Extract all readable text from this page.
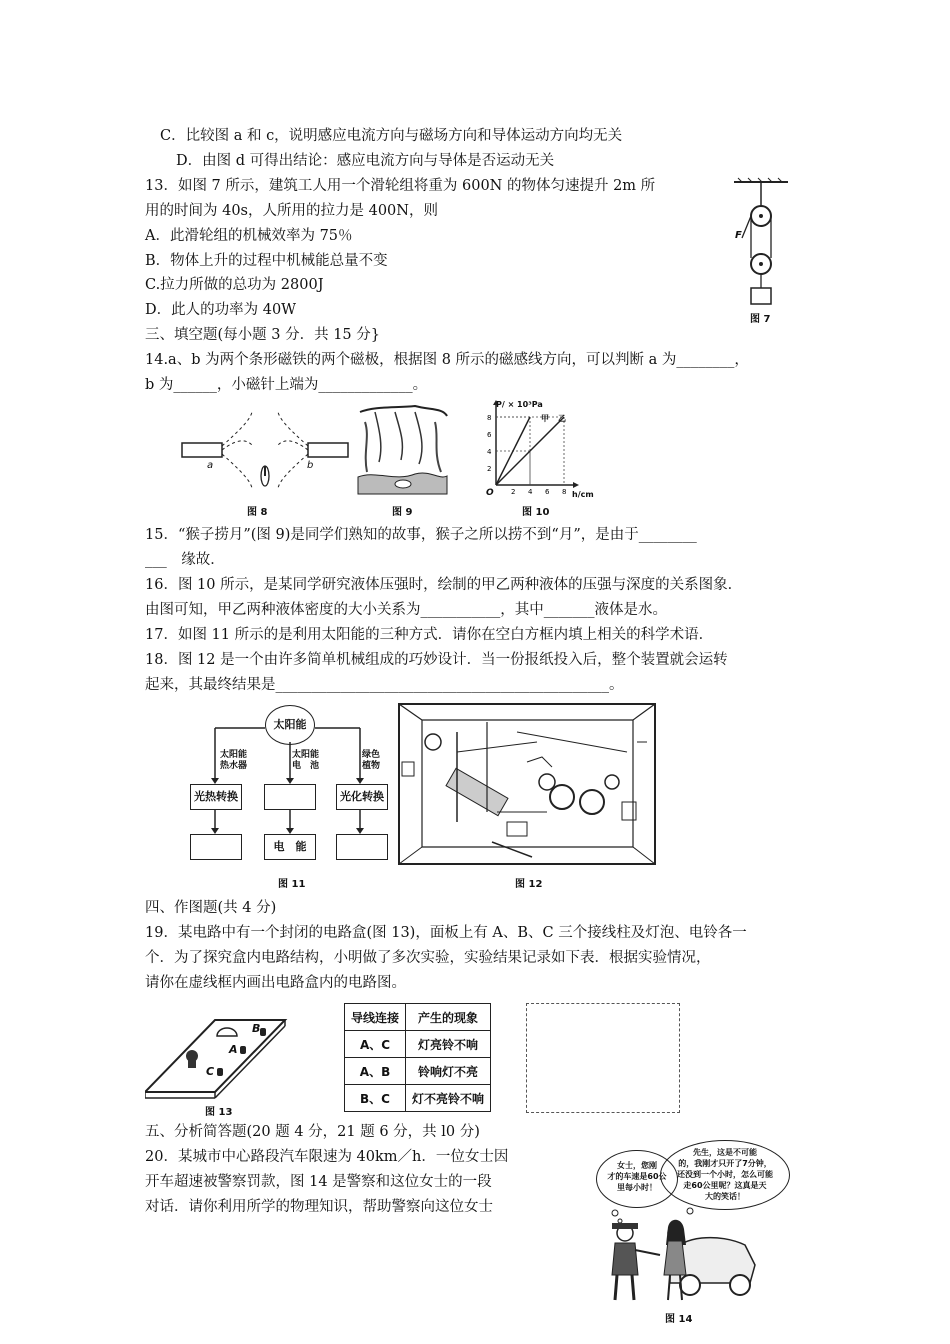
C．比较图 a 和 c，说明感应电流方向与磁场方向和导体运动方向均无关
D．由图 d 可得出结论：感应电流方向与导体是否运动无关
13．如图 7 所示，建筑工人用一个滑轮组将重为 600N 的物体匀速提升 2m 所
用的时间为 40s，人所用的拉力是 400N，则
A．此滑轮组的机械效率为 75％
B．物体上升的过程中机械能总量不变
C.拉力所做的总功为 2800J
D．此人的功率为 40W
F
图 7
三、填空题(每小题 3 分．共 15 分}
14.a、b 为两个条形磁铁的两个磁极，根据图 8 所示的磁感线方向，可以判断 a 为________，
b 为______，小磁针上端为_____________。
a	b
图 8	图 9
2 4 6 8
2
4
6
8
P/ × 10³Pa
h/cm
O
甲 乙
图 10
15．“猴子捞月”(图 9)是同学们熟知的故事，猴子之所以捞不到“月”，是由于________
___　缘故．
16．图 10 所示，是某同学研究液体压强时，绘制的甲乙两种液体的压强与深度的关系图象．
由图可知，甲乙两种液体密度的大小关系为___________，其中_______液体是水。
17．如图 11 所示的是利用太阳能的三种方式．请你在空白方框内填上相关的科学术语．
18．图 12 是一个由许多简单机械组成的巧妙设计．当一份报纸投入后，整个装置就会运转
起来，其最终结果是______________________________________________。
太阳能
太阳能
热水器
太阳能
电　池
绿色
植物
光热转换	光化转换
电　能
图 11	图 12
四、作图题(共 4 分)
19．某电路中有一个封闭的电路盒(图 13)，面板上有 A、B、C 三个接线柱及灯泡、电铃各一
个．为了探究盒内电路结构，小明做了多次实验，实验结果记录如下表．根据实验情况，
请你在虚线框内画出电路盒内的电路图。
B
A
C
图 13
导线连接	产生的现象
A、C	灯亮铃不响
A、B	铃响灯不亮
B、C	灯不亮铃不响
五、分析简答题(20 题 4 分，21 题 6 分，共 l0 分)
20．某城市中心路段汽车限速为 40km／h．一位女士因
开车超速被警察罚款，图 14 是警察和这位女士的一段
对话．请你利用所学的物理知识，帮助警察向这位女士
女士，您刚
才的车速是60公
里每小时！
先生，这是不可能
的，我刚才只开了7分钟，
还没到一个小时，怎么可能
走60公里呢？这真是天
大的笑话！
图 14
